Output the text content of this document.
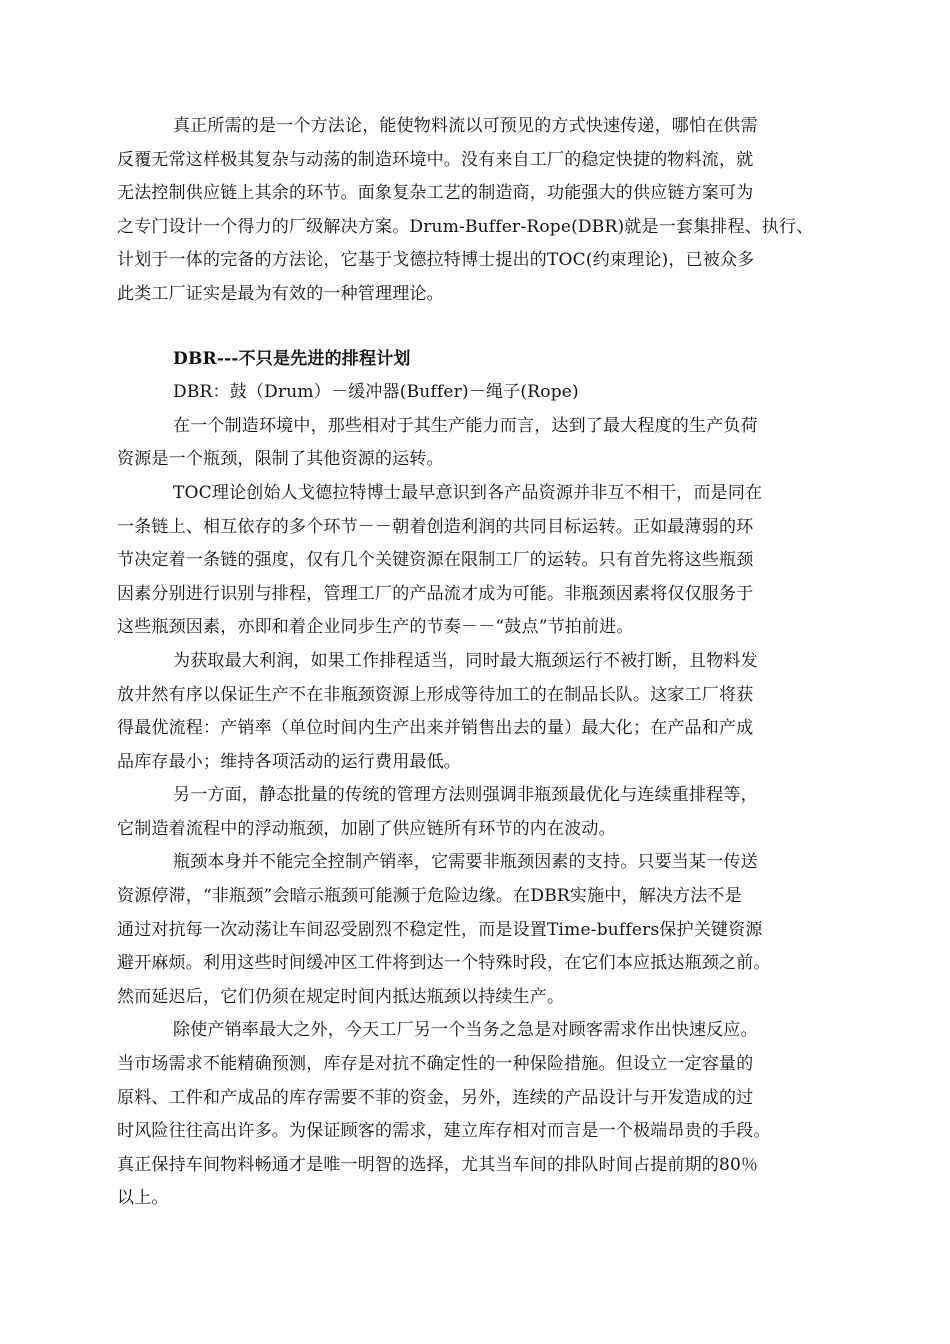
真正所需的是一个方法论，能使物料流以可预见的方式快速传递，哪怕在供需
反覆无常这样极其复杂与动荡的制造环境中。没有来自工厂的稳定快捷的物料流，就
无法控制供应链上其余的环节。面象复杂工艺的制造商，功能强大的供应链方案可为
之专门设计一个得力的厂级解决方案。Drum-Buffer-Rope(DBR)就是一套集排程、执行、
计划于一体的完备的方法论，它基于戈德拉特博士提出的TOC(约束理论)，已被众多
此类工厂证实是最为有效的一种管理理论。
DBR---不只是先进的排程计划
DBR：鼓（Drum）－缓冲器(Buffer)－绳子(Rope)
在一个制造环境中，那些相对于其生产能力而言，达到了最大程度的生产负荷
资源是一个瓶颈，限制了其他资源的运转。
TOC理论创始人戈德拉特博士最早意识到各产品资源并非互不相干，而是同在
一条链上、相互依存的多个环节－－朝着创造利润的共同目标运转。正如最薄弱的环
节决定着一条链的强度，仅有几个关键资源在限制工厂的运转。只有首先将这些瓶颈
因素分别进行识别与排程，管理工厂的产品流才成为可能。非瓶颈因素将仅仅服务于
这些瓶颈因素，亦即和着企业同步生产的节奏－－“鼓点”节拍前进。
为获取最大利润，如果工作排程适当，同时最大瓶颈运行不被打断，且物料发
放井然有序以保证生产不在非瓶颈资源上形成等待加工的在制品长队。这家工厂将获
得最优流程：产销率（单位时间内生产出来并销售出去的量）最大化；在产品和产成
品库存最小；维持各项活动的运行费用最低。
另一方面，静态批量的传统的管理方法则强调非瓶颈最优化与连续重排程等，
它制造着流程中的浮动瓶颈，加剧了供应链所有环节的内在波动。
瓶颈本身并不能完全控制产销率，它需要非瓶颈因素的支持。只要当某一传送
资源停滞，“非瓶颈”会暗示瓶颈可能濒于危险边缘。在DBR实施中，解决方法不是
通过对抗每一次动荡让车间忍受剧烈不稳定性，而是设置Time-buffers保护关键资源
避开麻烦。利用这些时间缓冲区工件将到达一个特殊时段，在它们本应抵达瓶颈之前。
然而延迟后，它们仍须在规定时间内抵达瓶颈以持续生产。
除使产销率最大之外，今天工厂另一个当务之急是对顾客需求作出快速反应。
当市场需求不能精确预测，库存是对抗不确定性的一种保险措施。但设立一定容量的
原料、工件和产成品的库存需要不菲的资金，另外，连续的产品设计与开发造成的过
时风险往往高出许多。为保证顾客的需求，建立库存相对而言是一个极端昂贵的手段。
真正保持车间物料畅通才是唯一明智的选择，尤其当车间的排队时间占提前期的80％
以上。
